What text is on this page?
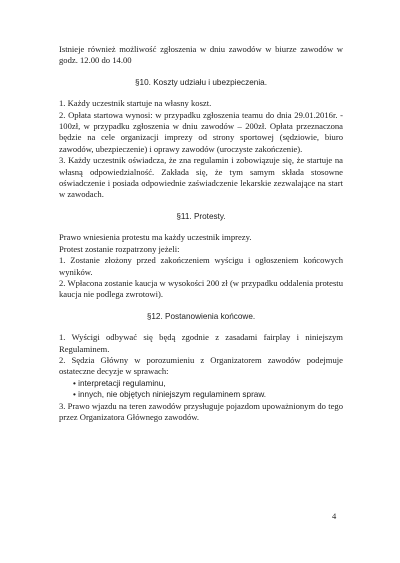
Istnieje również możliwość zgłoszenia w dniu zawodów w biurze zawodów w godz. 12.00 do 14.00

§10. Koszty udziału i ubezpieczenia.

1. Każdy uczestnik startuje na własny koszt.

2. Opłata startowa wynosi: w przypadku zgłoszenia teamu do dnia 29.01.2016r. - 100zł, w przypadku zgłoszenia w dniu zawodów – 200zł. Opłata przeznaczona będzie na cele organizacji imprezy od strony sportowej (sędziowie, biuro zawodów, ubezpieczenie) i oprawy zawodów (uroczyste zakończenie).

3. Każdy uczestnik oświadcza, że zna regulamin i zobowiązuje się, że startuje na własną odpowiedzialność. Zakłada się, że tym samym składa stosowne oświadczenie i posiada odpowiednie zaświadczenie lekarskie zezwalające na start w zawodach.

§11. Protesty.

Prawo wniesienia protestu ma każdy uczestnik imprezy.

Protest zostanie rozpatrzony jeżeli:

1. Zostanie złożony przed zakończeniem wyścigu i ogłoszeniem końcowych wyników.

2. Wpłacona zostanie kaucja w wysokości 200 zł (w przypadku oddalenia protestu kaucja nie podlega zwrotowi).

§12. Postanowienia końcowe.

1. Wyścigi odbywać się będą zgodnie z zasadami fairplay i niniejszym Regulaminem.

2. Sędzia Główny w porozumieniu z Organizatorem zawodów podejmuje ostateczne decyzje w sprawach:

• interpretacji regulaminu,

• innych, nie objętych niniejszym regulaminem spraw.

3. Prawo wjazdu na teren zawodów przysługuje pojazdom upoważnionym do tego przez Organizatora Głównego zawodów.

4
